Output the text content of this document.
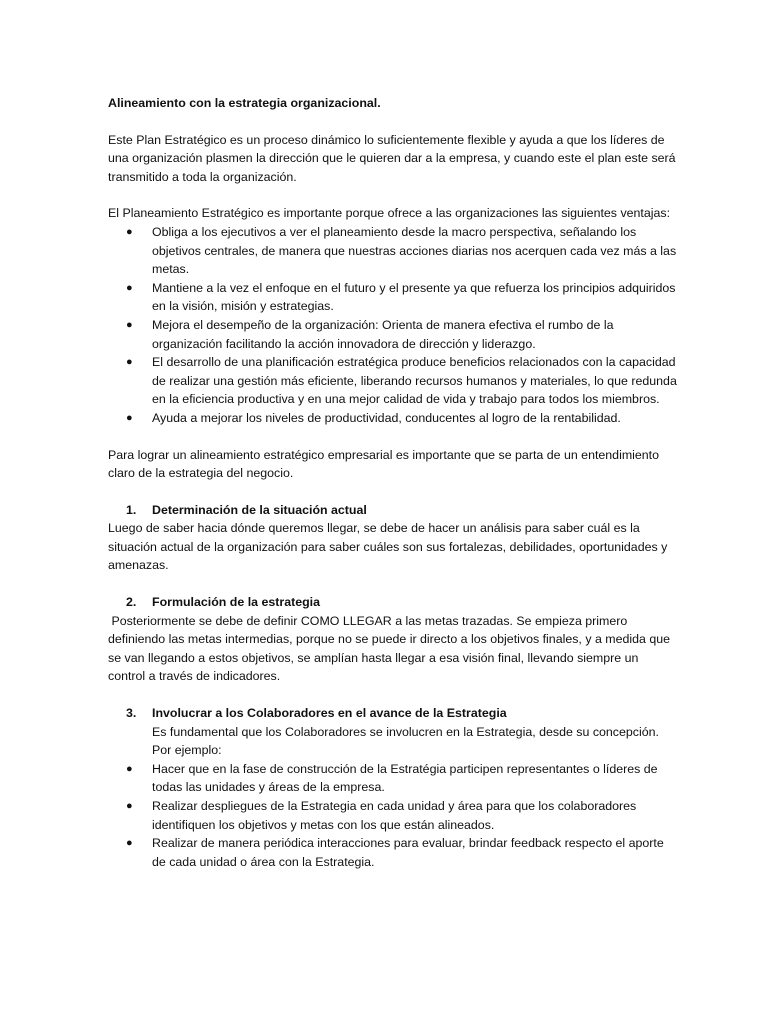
Alineamiento con la estrategia organizacional.

Este Plan Estratégico es un proceso dinámico lo suficientemente flexible y ayuda a que los líderes de una organización plasmen la dirección que le quieren dar a la empresa, y cuando este el plan este será transmitido a toda la organización.

El Planeamiento Estratégico es importante porque ofrece a las organizaciones las siguientes ventajas:

● Obliga a los ejecutivos a ver el planeamiento desde la macro perspectiva, señalando los objetivos centrales, de manera que nuestras acciones diarias nos acerquen cada vez más a las metas.
● Mantiene a la vez el enfoque en el futuro y el presente ya que refuerza los principios adquiridos en la visión, misión y estrategias.
● Mejora el desempeño de la organización: Orienta de manera efectiva el rumbo de la organización facilitando la acción innovadora de dirección y liderazgo.
● El desarrollo de una planificación estratégica produce beneficios relacionados con la capacidad de realizar una gestión más eficiente, liberando recursos humanos y materiales, lo que redunda en la eficiencia productiva y en una mejor calidad de vida y trabajo para todos los miembros.
● Ayuda a mejorar los niveles de productividad, conducentes al logro de la rentabilidad.

Para lograr un alineamiento estratégico empresarial es importante que se parta de un entendimiento claro de la estrategia del negocio.

1. Determinación de la situación actual

Luego de saber hacia dónde queremos llegar, se debe de hacer un análisis para saber cuál es la situación actual de la organización para saber cuáles son sus fortalezas, debilidades, oportunidades y amenazas.

2. Formulación de la estrategia

Posteriormente se debe de definir COMO LLEGAR a las metas trazadas. Se empieza primero definiendo las metas intermedias, porque no se puede ir directo a los objetivos finales, y a medida que se van llegando a estos objetivos, se amplían hasta llegar a esa visión final, llevando siempre un control a través de indicadores.

3. Involucrar a los Colaboradores en el avance de la Estrategia

Es fundamental que los Colaboradores se involucren en la Estrategia, desde su concepción. Por ejemplo:

● Hacer que en la fase de construcción de la Estratégia participen representantes o líderes de todas las unidades y áreas de la empresa.
● Realizar despliegues de la Estrategia en cada unidad y área para que los colaboradores identifiquen los objetivos y metas con los que están alineados.
● Realizar de manera periódica interacciones para evaluar, brindar feedback respecto el aporte de cada unidad o área con la Estrategia.
